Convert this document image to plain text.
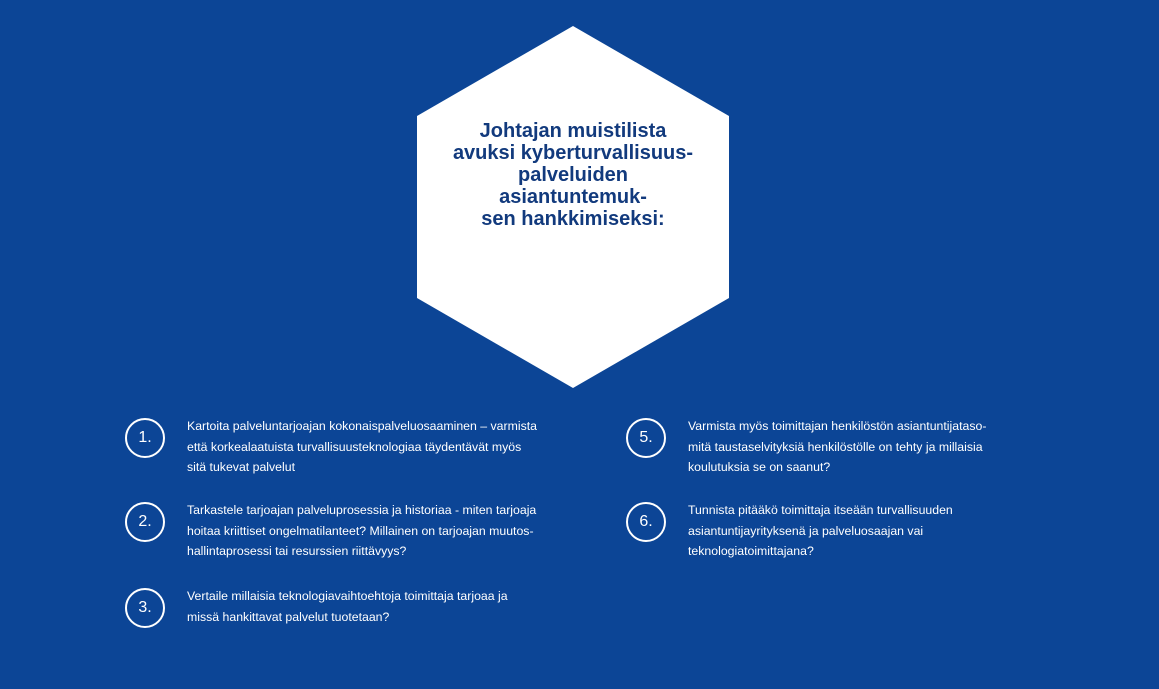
Johtajan muistilista
avuksi kyberturvallisuus-
palveluiden asiantuntemuk-
sen hankkimiseksi:
1.
Kartoita palveluntarjoajan kokonaispalveluosaaminen – varmista
että korkealaatuista turvallisuusteknologiaa täydentävät myös
sitä tukevat palvelut
2.
Tarkastele tarjoajan palveluprosessia ja historiaa - miten tarjoaja
hoitaa kriittiset ongelmatilanteet? Millainen on tarjoajan muutos-
hallintaprosessi tai resurssien riittävyys?
3.
Vertaile millaisia teknologiavaihtoehtoja toimittaja tarjoaa ja
missä hankittavat palvelut tuotetaan?
5.
Varmista myös toimittajan henkilöstön asiantuntijataso-
mitä taustaselvityksiä henkilöstölle on tehty ja millaisia
koulutuksia se on saanut?
6.
Tunnista pitääkö toimittaja itseään turvallisuuden
asiantuntijayrityksenä ja palveluosaajan vai
teknologiatoimittajana?
